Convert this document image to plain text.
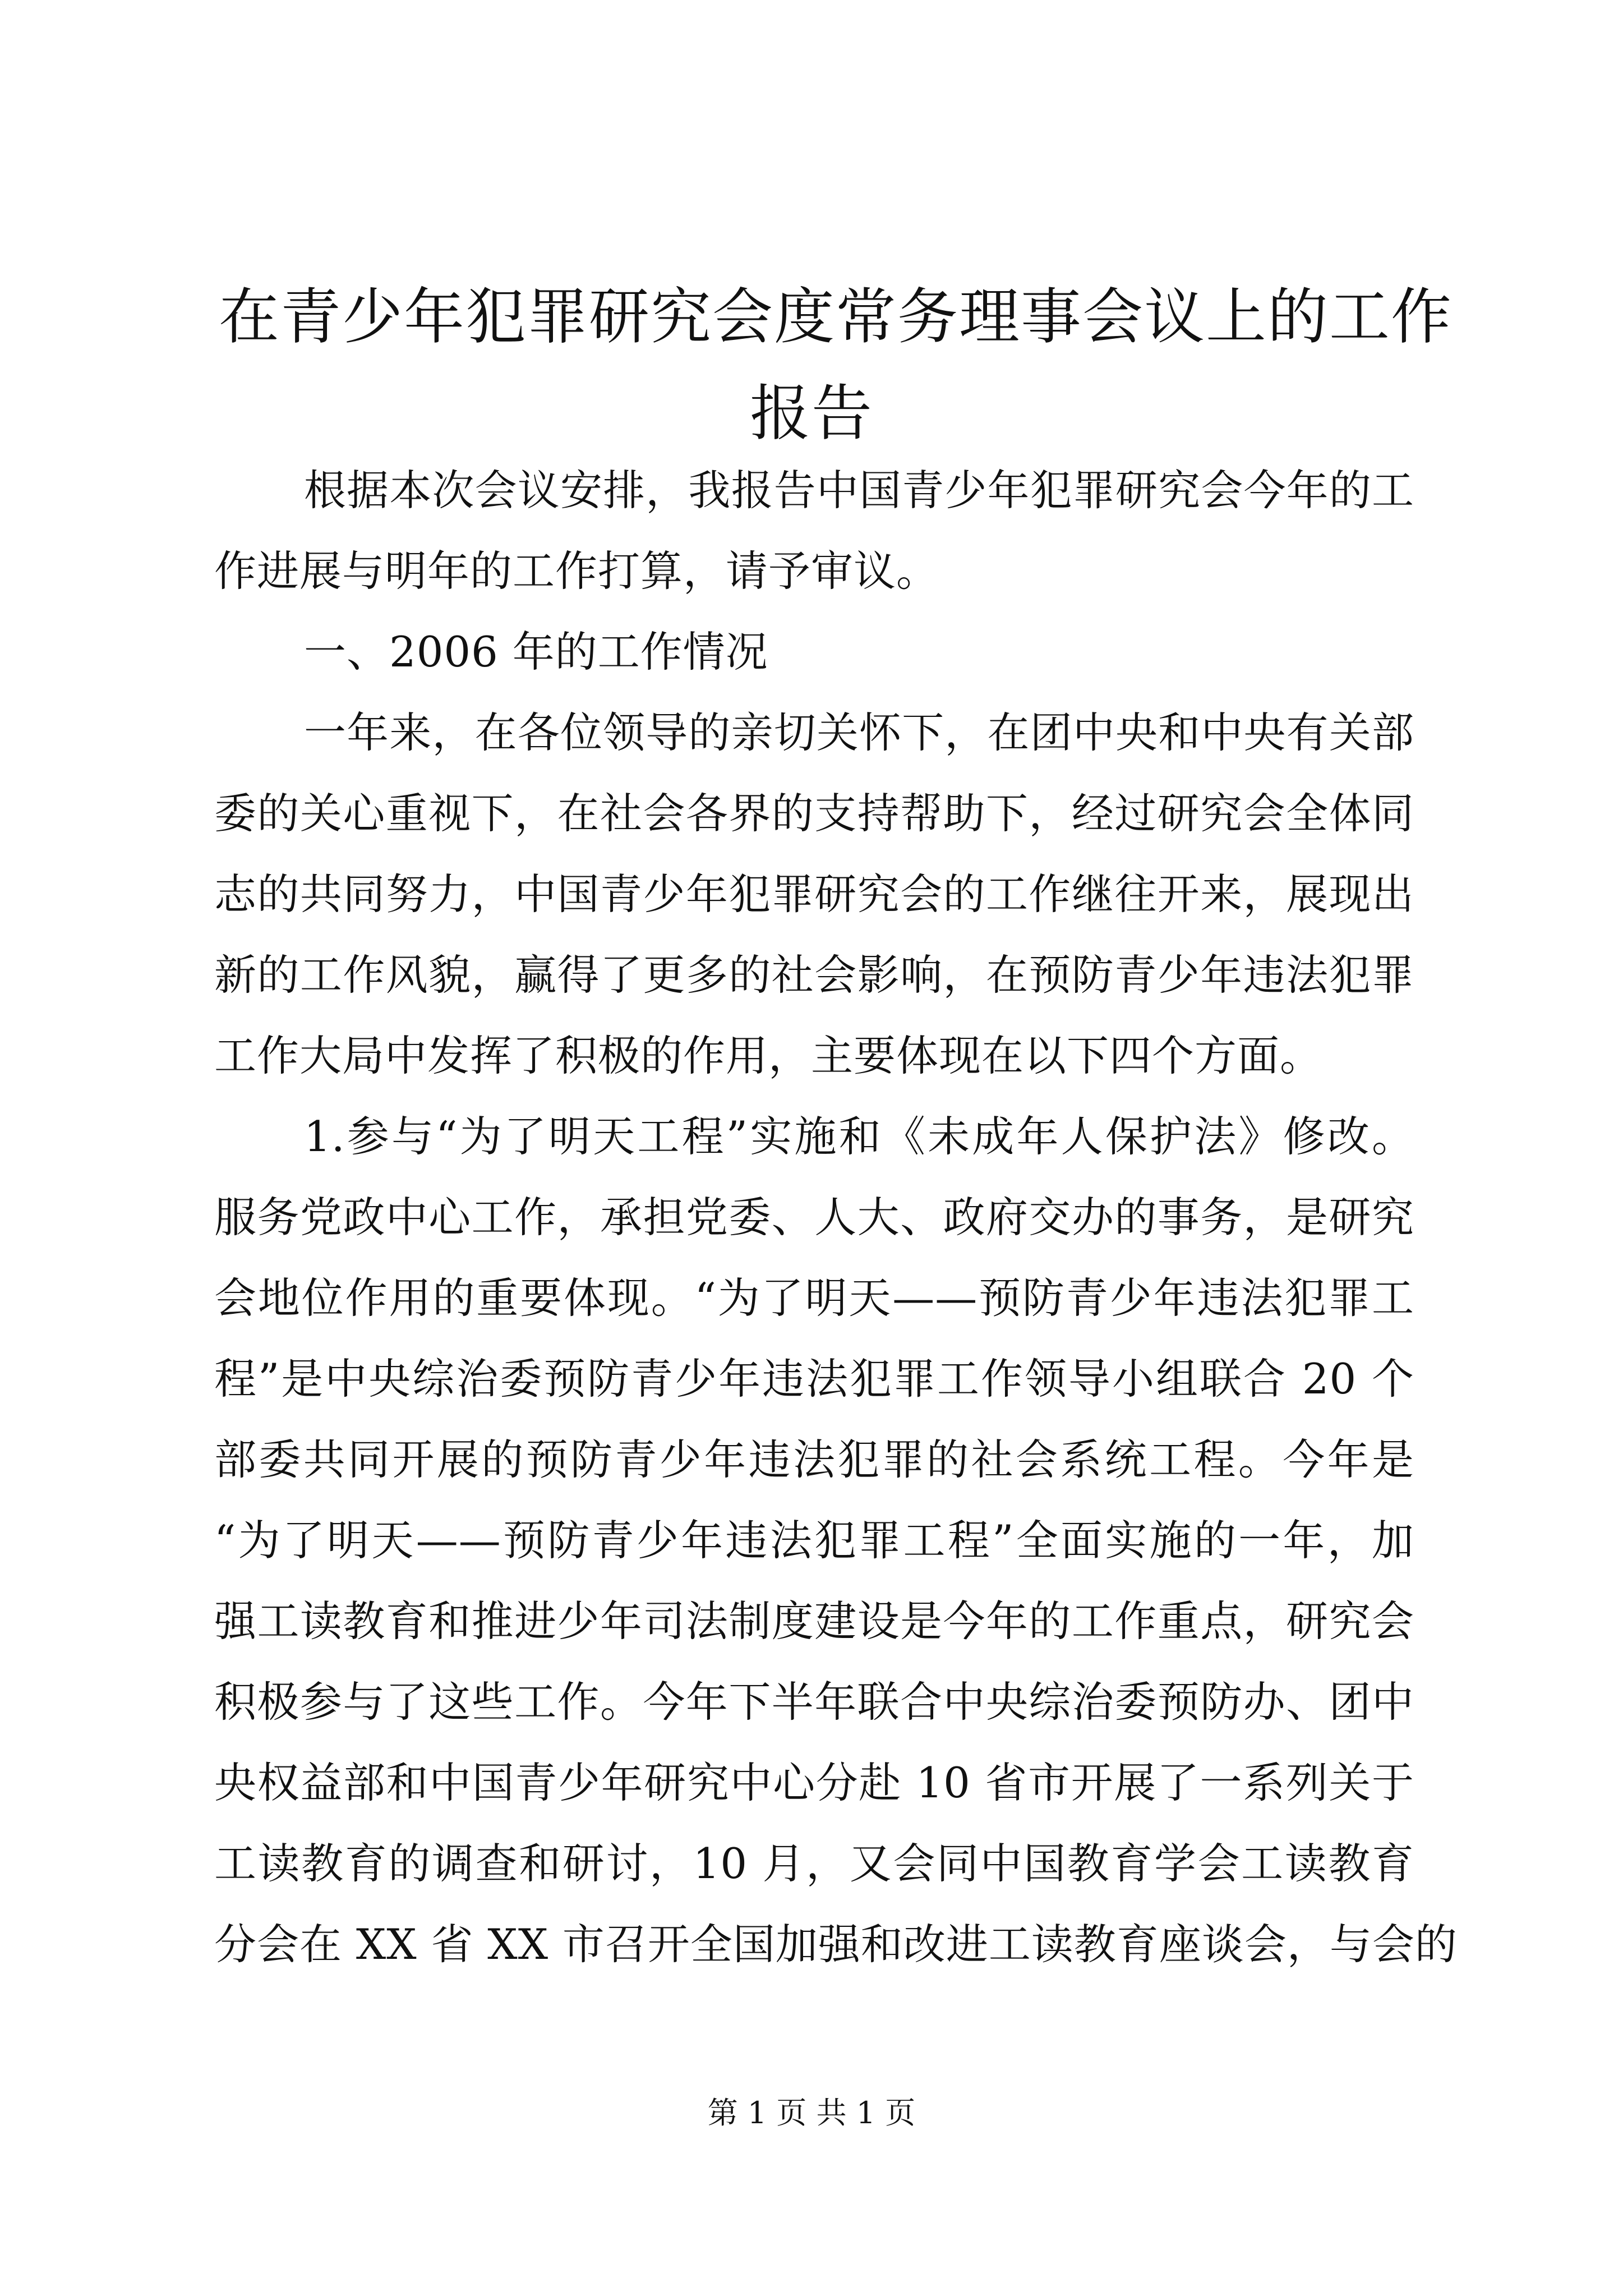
在青少年犯罪研究会度常务理事会议上的工作
报告
根据本次会议安排，我报告中国青少年犯罪研究会今年的工
作进展与明年的工作打算，请予审议。
一、2006 年的工作情况
一年来，在各位领导的亲切关怀下，在团中央和中央有关部
委的关心重视下，在社会各界的支持帮助下，经过研究会全体同
志的共同努力，中国青少年犯罪研究会的工作继往开来，展现出
新的工作风貌，赢得了更多的社会影响，在预防青少年违法犯罪
工作大局中发挥了积极的作用，主要体现在以下四个方面。
1.参与“为了明天工程”实施和《未成年人保护法》修改。
服务党政中心工作，承担党委、人大、政府交办的事务，是研究
会地位作用的重要体现。“为了明天——预防青少年违法犯罪工
程”是中央综治委预防青少年违法犯罪工作领导小组联合 20 个
部委共同开展的预防青少年违法犯罪的社会系统工程。今年是
“为了明天——预防青少年违法犯罪工程”全面实施的一年，加
强工读教育和推进少年司法制度建设是今年的工作重点，研究会
积极参与了这些工作。今年下半年联合中央综治委预防办、团中
央权益部和中国青少年研究中心分赴 10 省市开展了一系列关于
工读教育的调查和研讨，10 月，又会同中国教育学会工读教育
分会在 XX 省 XX 市召开全国加强和改进工读教育座谈会，与会的
第 1 页 共 1 页
